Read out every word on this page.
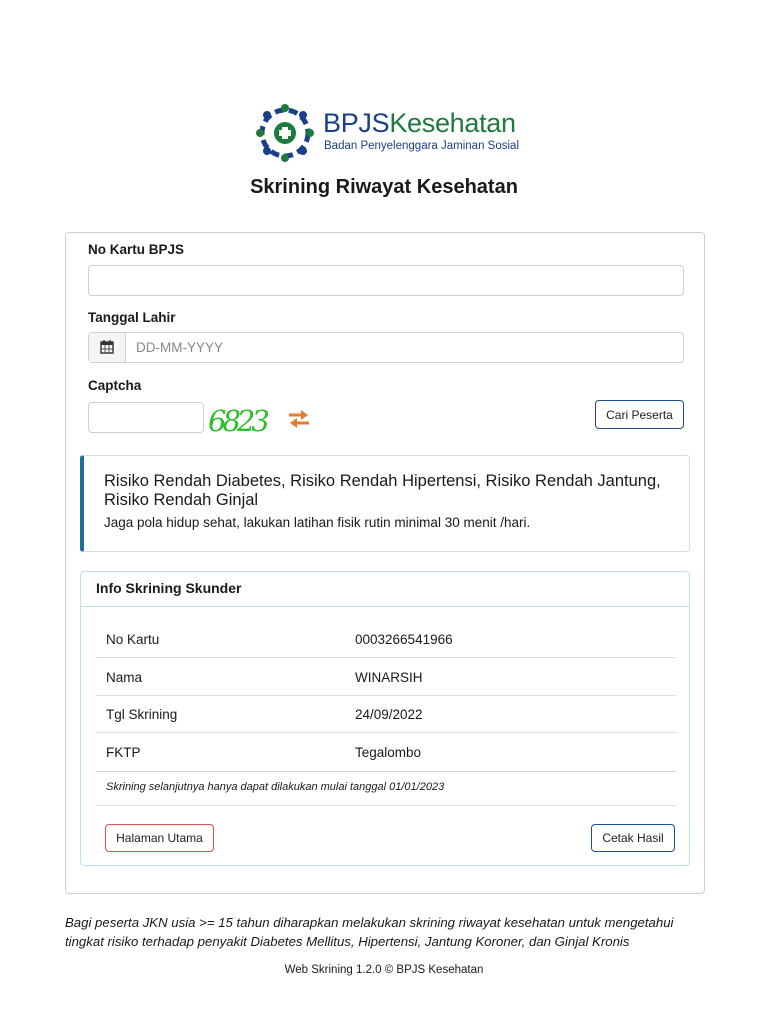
BPJSKesehatan
Badan Penyelenggara Jaminan Sosial
Skrining Riwayat Kesehatan
No Kartu BPJS
Tanggal Lahir
DD-MM-YYYY
Captcha
6823	Cari Peserta
Risiko Rendah Diabetes, Risiko Rendah Hipertensi, Risiko Rendah Jantung, Risiko Rendah Ginjal
Jaga pola hidup sehat, lakukan latihan fisik rutin minimal 30 menit /hari.
Info Skrining Skunder
No Kartu	0003266541966
Nama	WINARSIH
Tgl Skrining	24/09/2022
FKTP	Tegalombo
Skrining selanjutnya hanya dapat dilakukan mulai tanggal 01/01/2023
Halaman Utama	Cetak Hasil
Bagi peserta JKN usia >= 15 tahun diharapkan melakukan skrining riwayat kesehatan untuk mengetahui tingkat risiko terhadap penyakit Diabetes Mellitus, Hipertensi, Jantung Koroner, dan Ginjal Kronis
Web Skrining 1.2.0 © BPJS Kesehatan
